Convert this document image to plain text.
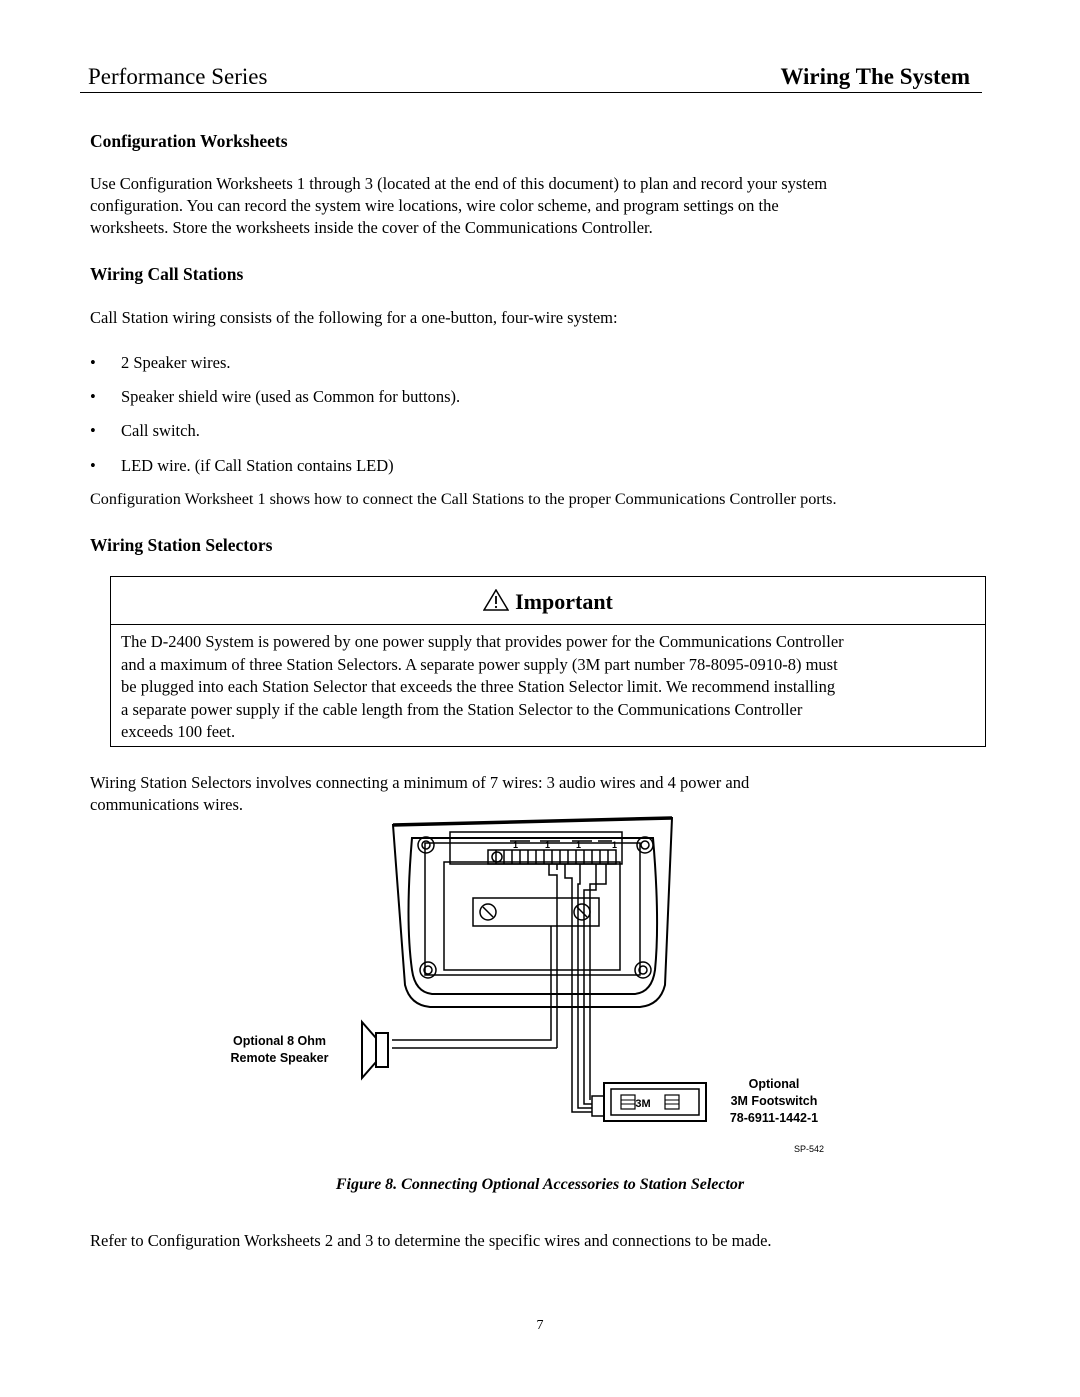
Performance Series	Wiring The System
Configuration Worksheets

Use Configuration Worksheets 1 through 3 (located at the end of this document) to plan and record your system

configuration. You can record the system wire locations, wire color scheme, and program settings on the

worksheets. Store the worksheets inside the cover of the Communications Controller.

Wiring Call Stations

Call Station wiring consists of the following for a one-button, four-wire system:

• 2 Speaker wires.
• Speaker shield wire (used as Common for buttons).
• Call switch.
• LED wire. (if Call Station contains LED)

Configuration Worksheet 1 shows how to connect the Call Stations to the proper Communications Controller ports.

Wiring Station Selectors
Important
The D-2400 System is powered by one power supply that provides power for the Communications Controller
and a maximum of three Station Selectors. A separate power supply (3M part number 78-8095-0910-8) must
be plugged into each Station Selector that exceeds the three Station Selector limit. We recommend installing
a separate power supply if the cable length from the Station Selector to the Communications Controller
exceeds 100 feet.

Wiring Station Selectors involves connecting a minimum of 7 wires: 3 audio wires and 4 power and

communications wires.

3M
1	1	1	1
Optional 8 Ohm
Remote Speaker
Optional
3M Footswitch
78-6911-1442-1
SP-542
Figure 8. Connecting Optional Accessories to Station Selector

Refer to Configuration Worksheets 2 and 3 to determine the specific wires and connections to be made.

7
